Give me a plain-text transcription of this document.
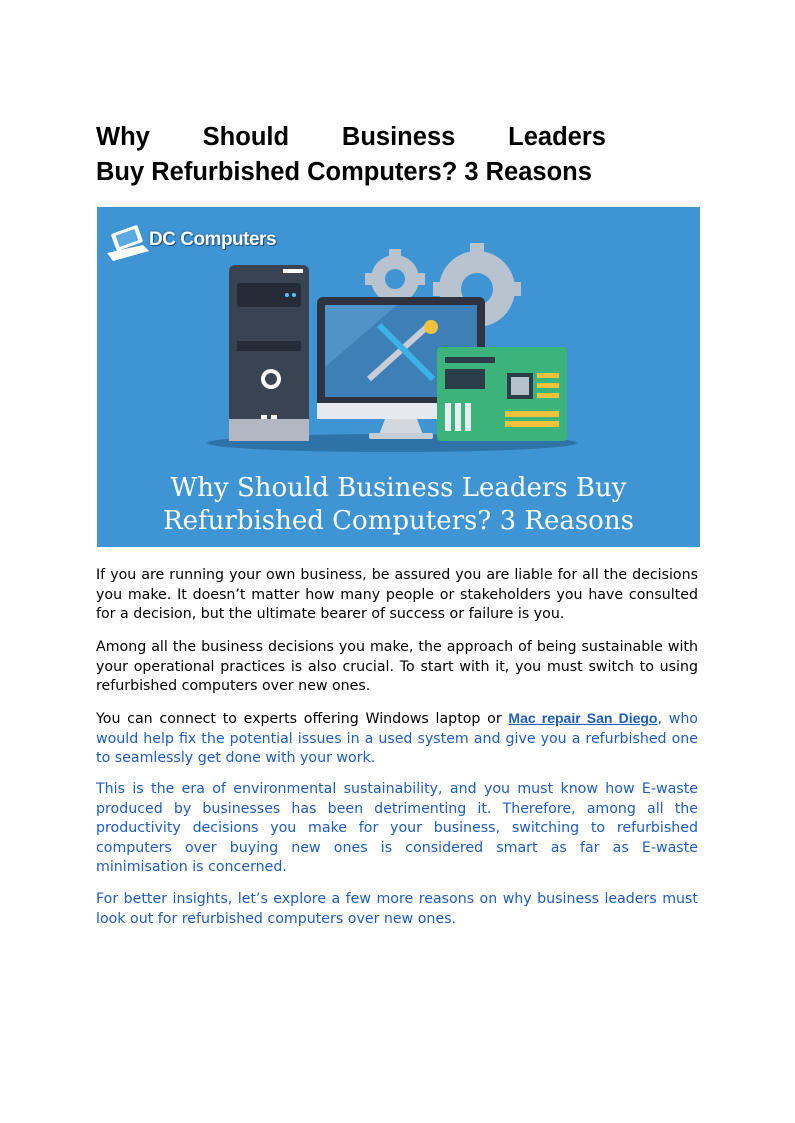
Why Should Business Leaders
Buy Refurbished Computers? 3 Reasons
DC Computers
Why Should Business Leaders Buy
Refurbished Computers? 3 Reasons

If you are running your own business, be assured you are liable for all the decisions you make. It doesn’t matter how many people or stakeholders you have consulted for a decision, but the ultimate bearer of success or failure is you.

Among all the business decisions you make, the approach of being sustainable with your operational practices is also crucial. To start with it, you must switch to using refurbished computers over new ones.

You can connect to experts offering Windows laptop or Mac repair San Diego, who would help fix the potential issues in a used system and give you a refurbished one to seamlessly get done with your work.

This is the era of environmental sustainability, and you must know how E-waste produced by businesses has been detrimenting it. Therefore, among all the productivity decisions you make for your business, switching to refurbished computers over buying new ones is considered smart as far as E-waste minimisation is concerned.

For better insights, let’s explore a few more reasons on why business leaders must look out for refurbished computers over new ones.
